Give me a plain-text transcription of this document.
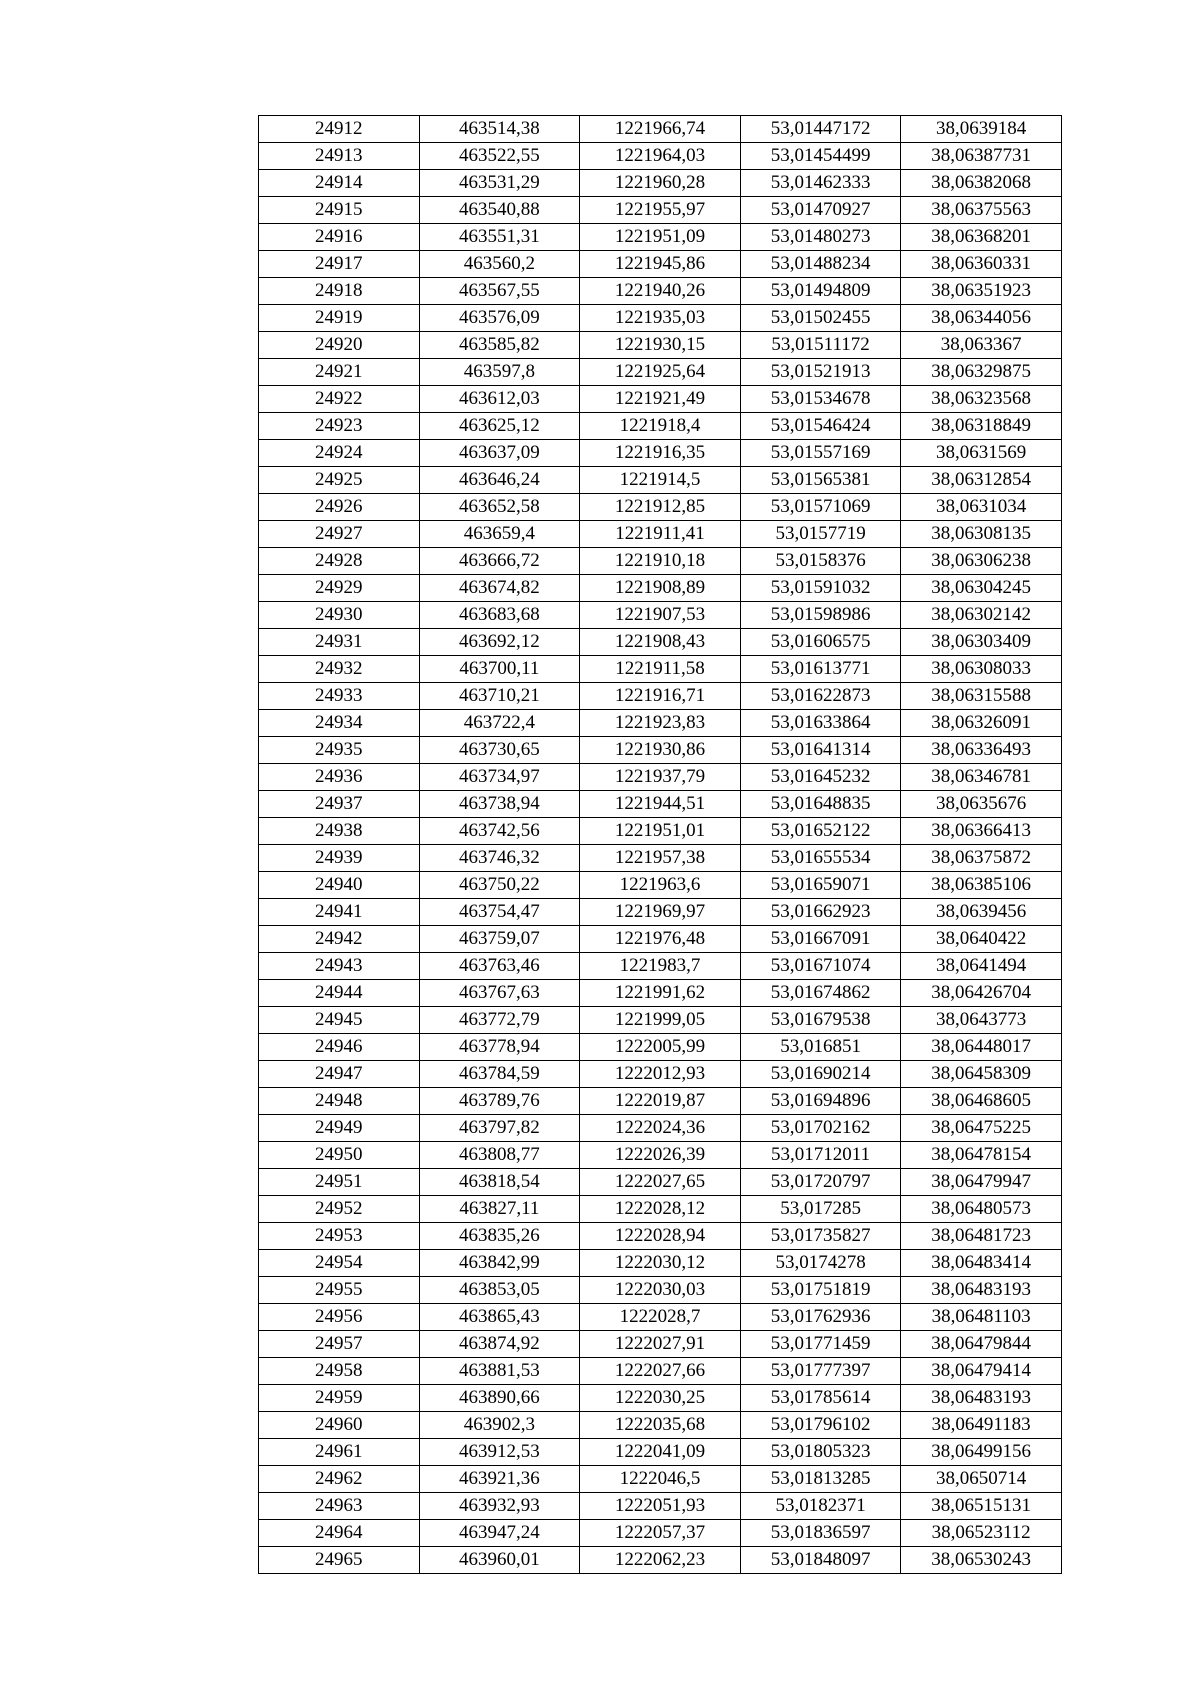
24912	463514,38	1221966,74	53,01447172	38,0639184
24913	463522,55	1221964,03	53,01454499	38,06387731
24914	463531,29	1221960,28	53,01462333	38,06382068
24915	463540,88	1221955,97	53,01470927	38,06375563
24916	463551,31	1221951,09	53,01480273	38,06368201
24917	463560,2	1221945,86	53,01488234	38,06360331
24918	463567,55	1221940,26	53,01494809	38,06351923
24919	463576,09	1221935,03	53,01502455	38,06344056
24920	463585,82	1221930,15	53,01511172	38,063367
24921	463597,8	1221925,64	53,01521913	38,06329875
24922	463612,03	1221921,49	53,01534678	38,06323568
24923	463625,12	1221918,4	53,01546424	38,06318849
24924	463637,09	1221916,35	53,01557169	38,0631569
24925	463646,24	1221914,5	53,01565381	38,06312854
24926	463652,58	1221912,85	53,01571069	38,0631034
24927	463659,4	1221911,41	53,0157719	38,06308135
24928	463666,72	1221910,18	53,0158376	38,06306238
24929	463674,82	1221908,89	53,01591032	38,06304245
24930	463683,68	1221907,53	53,01598986	38,06302142
24931	463692,12	1221908,43	53,01606575	38,06303409
24932	463700,11	1221911,58	53,01613771	38,06308033
24933	463710,21	1221916,71	53,01622873	38,06315588
24934	463722,4	1221923,83	53,01633864	38,06326091
24935	463730,65	1221930,86	53,01641314	38,06336493
24936	463734,97	1221937,79	53,01645232	38,06346781
24937	463738,94	1221944,51	53,01648835	38,0635676
24938	463742,56	1221951,01	53,01652122	38,06366413
24939	463746,32	1221957,38	53,01655534	38,06375872
24940	463750,22	1221963,6	53,01659071	38,06385106
24941	463754,47	1221969,97	53,01662923	38,0639456
24942	463759,07	1221976,48	53,01667091	38,0640422
24943	463763,46	1221983,7	53,01671074	38,0641494
24944	463767,63	1221991,62	53,01674862	38,06426704
24945	463772,79	1221999,05	53,01679538	38,0643773
24946	463778,94	1222005,99	53,016851	38,06448017
24947	463784,59	1222012,93	53,01690214	38,06458309
24948	463789,76	1222019,87	53,01694896	38,06468605
24949	463797,82	1222024,36	53,01702162	38,06475225
24950	463808,77	1222026,39	53,01712011	38,06478154
24951	463818,54	1222027,65	53,01720797	38,06479947
24952	463827,11	1222028,12	53,017285	38,06480573
24953	463835,26	1222028,94	53,01735827	38,06481723
24954	463842,99	1222030,12	53,0174278	38,06483414
24955	463853,05	1222030,03	53,01751819	38,06483193
24956	463865,43	1222028,7	53,01762936	38,06481103
24957	463874,92	1222027,91	53,01771459	38,06479844
24958	463881,53	1222027,66	53,01777397	38,06479414
24959	463890,66	1222030,25	53,01785614	38,06483193
24960	463902,3	1222035,68	53,01796102	38,06491183
24961	463912,53	1222041,09	53,01805323	38,06499156
24962	463921,36	1222046,5	53,01813285	38,0650714
24963	463932,93	1222051,93	53,0182371	38,06515131
24964	463947,24	1222057,37	53,01836597	38,06523112
24965	463960,01	1222062,23	53,01848097	38,06530243
